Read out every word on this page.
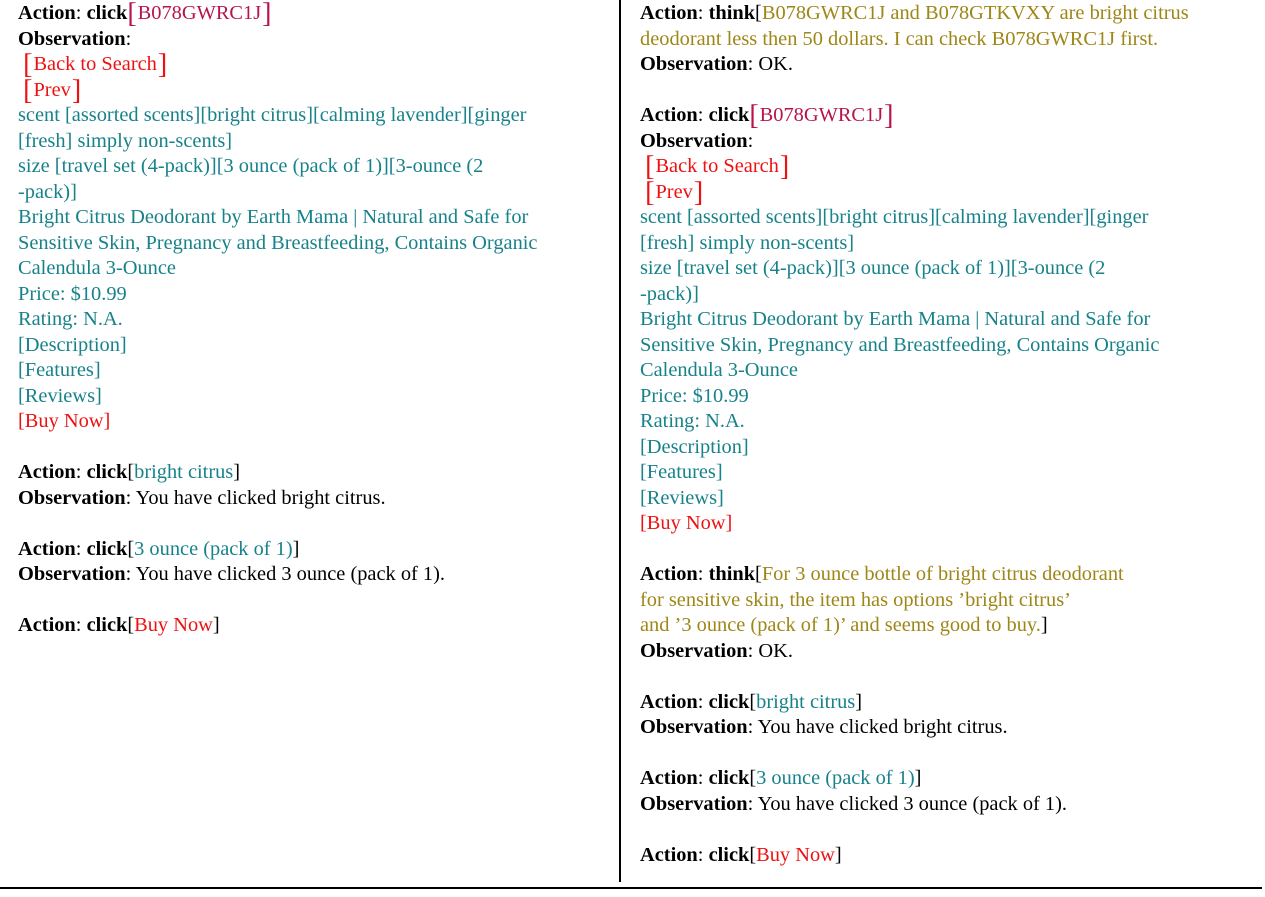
Action: click[B078GWRC1J]
Observation:
[Back to Search]
[Prev]
scent [assorted scents][bright citrus][calming lavender][ginger
[fresh] simply non-scents]
size [travel set (4-pack)][3 ounce (pack of 1)][3-ounce (2
-pack)]
Bright Citrus Deodorant by Earth Mama | Natural and Safe for
Sensitive Skin, Pregnancy and Breastfeeding, Contains Organic
Calendula 3-Ounce
Price: $10.99
Rating: N.A.
[Description]
[Features]
[Reviews]
[Buy Now]
Action: click[bright citrus]
Observation: You have clicked bright citrus.
Action: click[3 ounce (pack of 1)]
Observation: You have clicked 3 ounce (pack of 1).
Action: click[Buy Now]
Action: think[B078GWRC1J and B078GTKVXY are bright citrus
deodorant less then 50 dollars. I can check B078GWRC1J first.
Observation: OK.
Action: click[B078GWRC1J]
Observation:
[Back to Search]
[Prev]
scent [assorted scents][bright citrus][calming lavender][ginger
[fresh] simply non-scents]
size [travel set (4-pack)][3 ounce (pack of 1)][3-ounce (2
-pack)]
Bright Citrus Deodorant by Earth Mama | Natural and Safe for
Sensitive Skin, Pregnancy and Breastfeeding, Contains Organic
Calendula 3-Ounce
Price: $10.99
Rating: N.A.
[Description]
[Features]
[Reviews]
[Buy Now]
Action: think[For 3 ounce bottle of bright citrus deodorant
for sensitive skin, the item has options ’bright citrus’
and ’3 ounce (pack of 1)’ and seems good to buy.]
Observation: OK.
Action: click[bright citrus]
Observation: You have clicked bright citrus.
Action: click[3 ounce (pack of 1)]
Observation: You have clicked 3 ounce (pack of 1).
Action: click[Buy Now]
